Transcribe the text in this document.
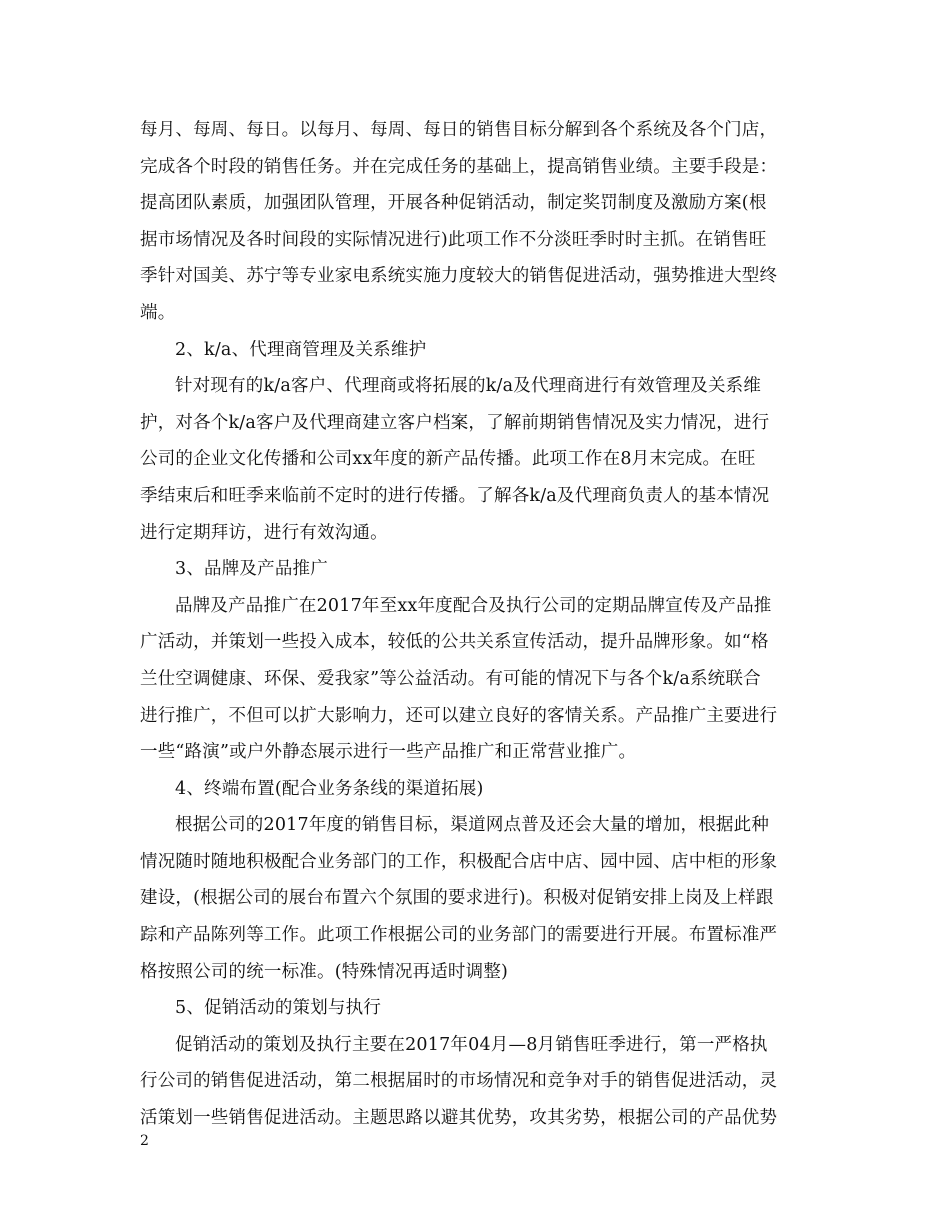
每月、每周、每日。以每月、每周、每日的销售目标分解到各个系统及各个门店，
完成各个时段的销售任务。并在完成任务的基础上，提高销售业绩。主要手段是：
提高团队素质，加强团队管理，开展各种促销活动，制定奖罚制度及激励方案(根
据市场情况及各时间段的实际情况进行)此项工作不分淡旺季时时主抓。在销售旺
季针对国美、苏宁等专业家电系统实施力度较大的销售促进活动，强势推进大型终
端。
2、k/a、代理商管理及关系维护
针对现有的k/a客户、代理商或将拓展的k/a及代理商进行有效管理及关系维
护，对各个k/a客户及代理商建立客户档案，了解前期销售情况及实力情况，进行
公司的企业文化传播和公司xx年度的新产品传播。此项工作在8月末完成。在旺
季结束后和旺季来临前不定时的进行传播。了解各k/a及代理商负责人的基本情况
进行定期拜访，进行有效沟通。
3、品牌及产品推广
品牌及产品推广在2017年至xx年度配合及执行公司的定期品牌宣传及产品推
广活动，并策划一些投入成本，较低的公共关系宣传活动，提升品牌形象。如“格
兰仕空调健康、环保、爱我家”等公益活动。有可能的情况下与各个k/a系统联合
进行推广，不但可以扩大影响力，还可以建立良好的客情关系。产品推广主要进行
一些“路演”或户外静态展示进行一些产品推广和正常营业推广。
4、终端布置(配合业务条线的渠道拓展)
根据公司的2017年度的销售目标，渠道网点普及还会大量的增加，根据此种
情况随时随地积极配合业务部门的工作，积极配合店中店、园中园、店中柜的形象
建设，(根据公司的展台布置六个氛围的要求进行)。积极对促销安排上岗及上样跟
踪和产品陈列等工作。此项工作根据公司的业务部门的需要进行开展。布置标准严
格按照公司的统一标准。(特殊情况再适时调整)
5、促销活动的策划与执行
促销活动的策划及执行主要在2017年04月—8月销售旺季进行，第一严格执
行公司的销售促进活动，第二根据届时的市场情况和竞争对手的销售促进活动，灵
活策划一些销售促进活动。主题思路以避其优势，攻其劣势，根据公司的产品优势
2
